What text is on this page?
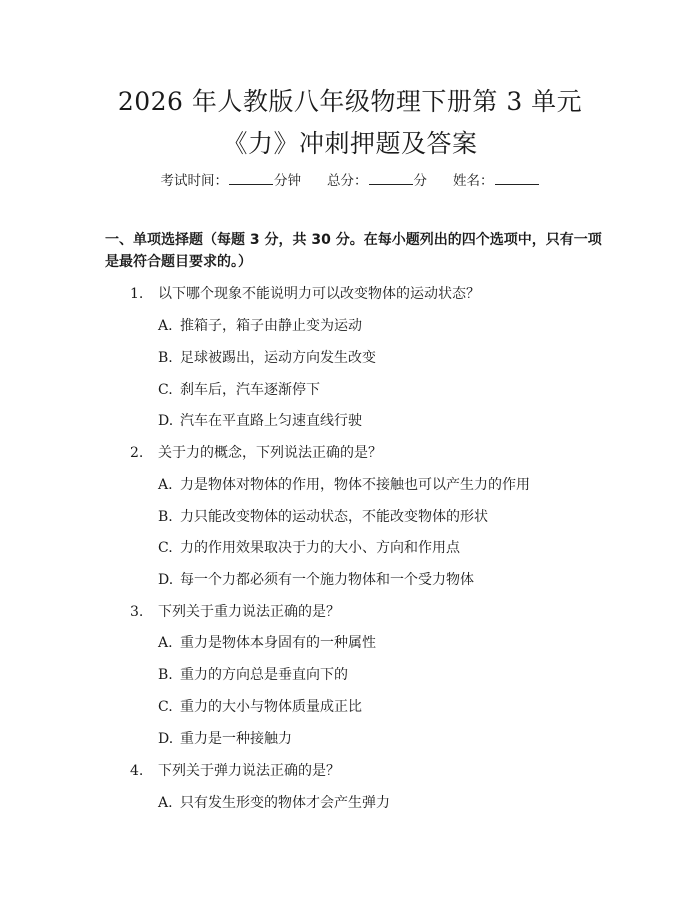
2026 年人教版八年级物理下册第 3 单元
《力》冲刺押题及答案
考试时间：	分钟 总分：	分 姓名：
一、单项选择题（每题 3 分，共 30 分。在每小题列出的四个选项中，只有一项是最符合题目要求的。）
1. 以下哪个现象不能说明力可以改变物体的运动状态？
A. 推箱子，箱子由静止变为运动
B. 足球被踢出，运动方向发生改变
C. 刹车后，汽车逐渐停下
D. 汽车在平直路上匀速直线行驶
2. 关于力的概念，下列说法正确的是？
A. 力是物体对物体的作用，物体不接触也可以产生力的作用
B. 力只能改变物体的运动状态，不能改变物体的形状
C. 力的作用效果取决于力的大小、方向和作用点
D. 每一个力都必须有一个施力物体和一个受力物体
3. 下列关于重力说法正确的是？
A. 重力是物体本身固有的一种属性
B. 重力的方向总是垂直向下的
C. 重力的大小与物体质量成正比
D. 重力是一种接触力
4. 下列关于弹力说法正确的是？
A. 只有发生形变的物体才会产生弹力
